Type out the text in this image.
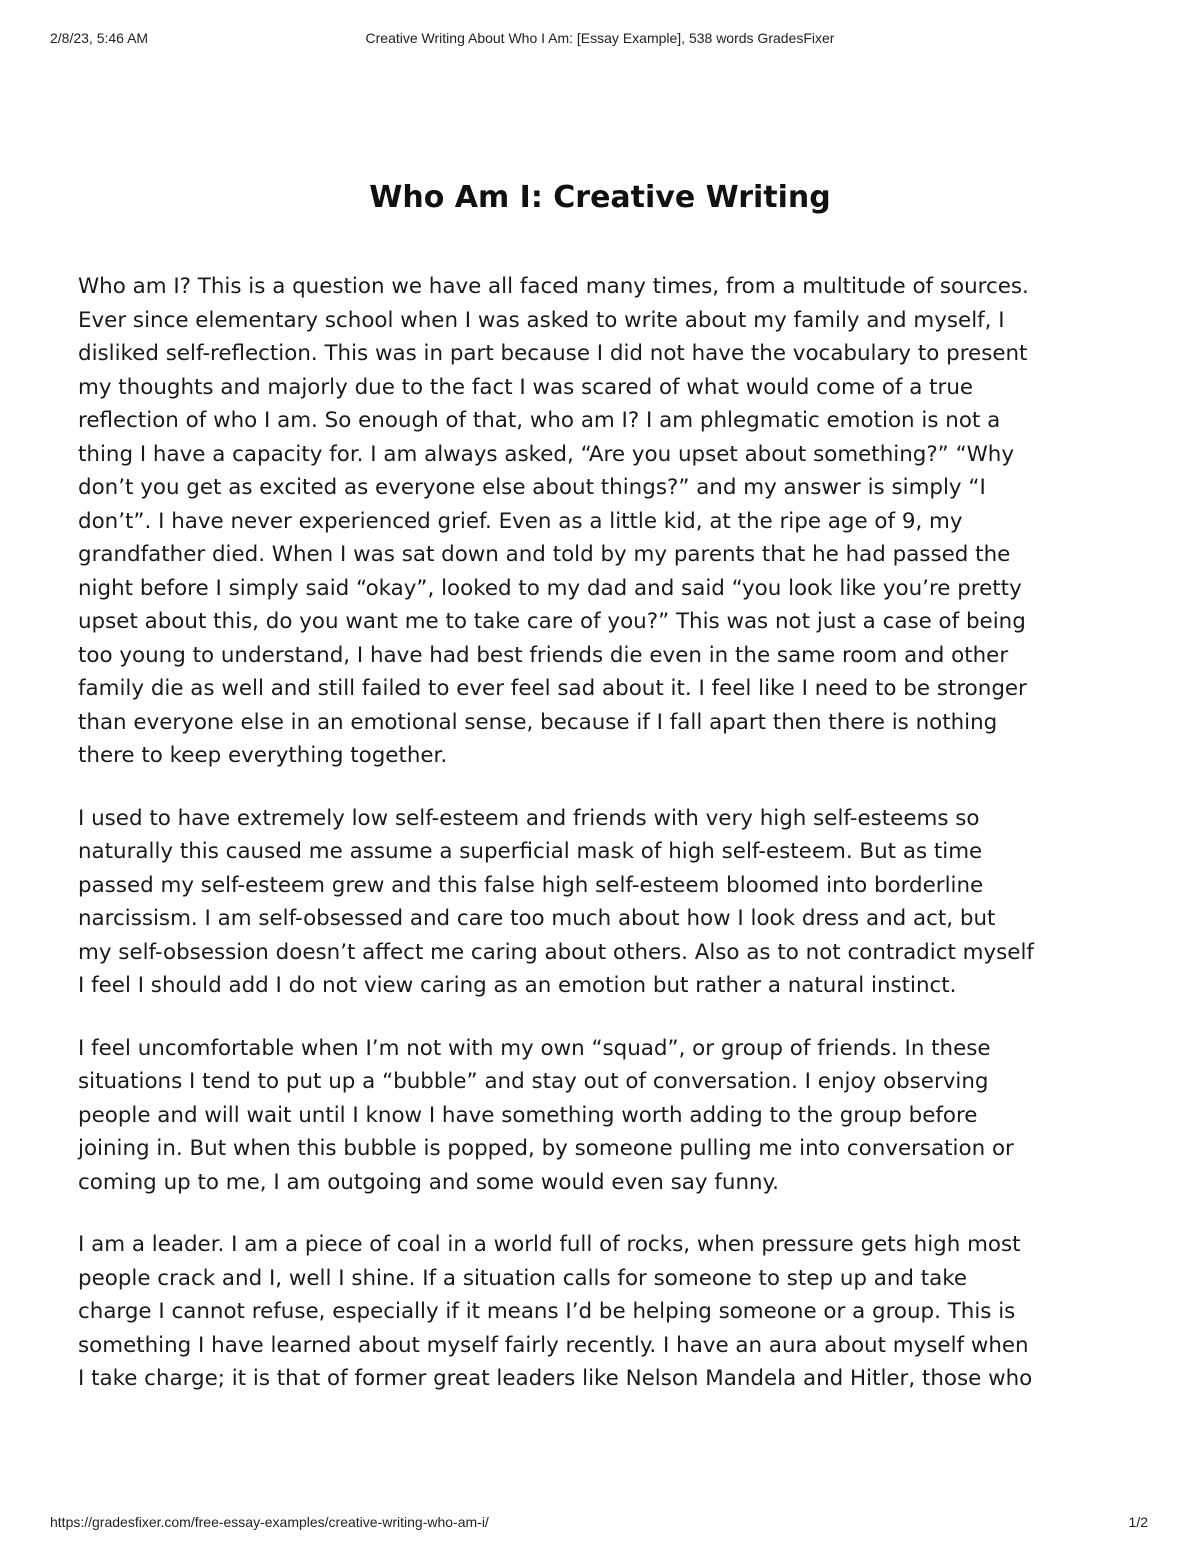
2/8/23, 5:46 AM	Creative Writing About Who I Am: [Essay Example], 538 words GradesFixer
Who Am I: Creative Writing

Who am I? This is a question we have all faced many times, from a multitude of sources.
Ever since elementary school when I was asked to write about my family and myself, I
disliked self-reflection. This was in part because I did not have the vocabulary to present
my thoughts and majorly due to the fact I was scared of what would come of a true
reflection of who I am. So enough of that, who am I? I am phlegmatic emotion is not a
thing I have a capacity for. I am always asked, “Are you upset about something?” “Why
don’t you get as excited as everyone else about things?” and my answer is simply “I
don’t”. I have never experienced grief. Even as a little kid, at the ripe age of 9, my
grandfather died. When I was sat down and told by my parents that he had passed the
night before I simply said “okay”, looked to my dad and said “you look like you’re pretty
upset about this, do you want me to take care of you?” This was not just a case of being
too young to understand, I have had best friends die even in the same room and other
family die as well and still failed to ever feel sad about it. I feel like I need to be stronger
than everyone else in an emotional sense, because if I fall apart then there is nothing
there to keep everything together.

I used to have extremely low self-esteem and friends with very high self-esteems so
naturally this caused me assume a superficial mask of high self-esteem. But as time
passed my self-esteem grew and this false high self-esteem bloomed into borderline
narcissism. I am self-obsessed and care too much about how I look dress and act, but
my self-obsession doesn’t affect me caring about others. Also as to not contradict myself
I feel I should add I do not view caring as an emotion but rather a natural instinct.

I feel uncomfortable when I’m not with my own “squad”, or group of friends. In these
situations I tend to put up a “bubble” and stay out of conversation. I enjoy observing
people and will wait until I know I have something worth adding to the group before
joining in. But when this bubble is popped, by someone pulling me into conversation or
coming up to me, I am outgoing and some would even say funny.

I am a leader. I am a piece of coal in a world full of rocks, when pressure gets high most
people crack and I, well I shine. If a situation calls for someone to step up and take
charge I cannot refuse, especially if it means I’d be helping someone or a group. This is
something I have learned about myself fairly recently. I have an aura about myself when
I take charge; it is that of former great leaders like Nelson Mandela and Hitler, those who

https://gradesfixer.com/free-essay-examples/creative-writing-who-am-i/	1/2
